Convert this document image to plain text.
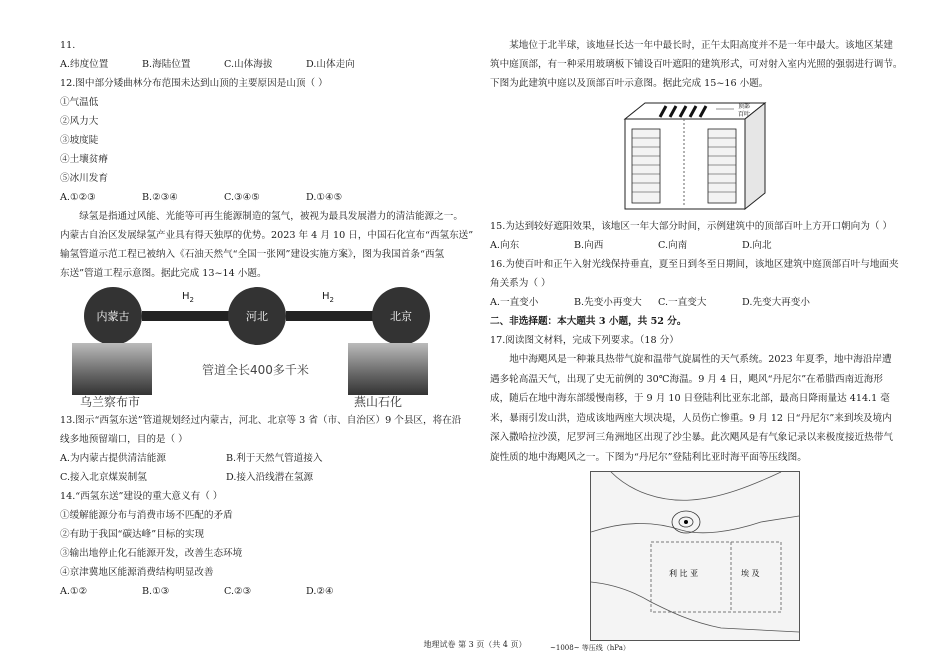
11.
A.纬度位置	B.海陆位置	C.山体海拔	D.山体走向
12.图中部分矮曲林分布范围未达到山顶的主要原因是山顶（ ）
①气温低
②风力大
③坡度陡
④土壤贫瘠
⑤冰川发育
A.①②③	B.②③④	C.③④⑤	D.①④⑤
绿氢是指通过风能、光能等可再生能源制造的氢气，被视为最具发展潜力的清洁能源之一。
内蒙古自治区发展绿氢产业具有得天独厚的优势。2023 年 4 月 10 日，中国石化宣布“西氢东送”
输氢管道示范工程已被纳入《石油天然气“全国一张网”建设实施方案》，图为我国首条“西氢
东送”管道工程示意图。据此完成 13~14 小题。
内蒙古
$H_2$
河北
$H_2$
北京
管道全长400多千米
乌兰察布市	燕山石化
13.图示“西氢东送”管道规划经过内蒙古，河北、北京等 3 省（市、自治区）9 个县区，将在沿
线多地预留端口，目的是（ ）
A.为内蒙古提供清洁能源	B.利于天然气管道接入
C.接入北京煤炭制氢	D.接入沿线潜在氢源
14.“西氢东送”建设的重大意义有（ ）
①缓解能源分布与消费市场不匹配的矛盾
②有助于我国“碳达峰”目标的实现
③输出地停止化石能源开发，改善生态环境
④京津冀地区能源消费结构明显改善
A.①②	B.①③	C.②③	D.②④
某地位于北半球，该地昼长达一年中最长时，正午太阳高度并不是一年中最大。该地区某建
筑中庭顶部，有一种采用玻璃板下铺设百叶遮阳的建筑形式，可对射入室内光照的强弱进行调节。
下图为此建筑中庭以及顶部百叶示意图。据此完成 15~16 小题。
顶部
百叶
15.为达到较好遮阳效果，该地区一年大部分时间，示例建筑中的顶部百叶上方开口朝向为（ ）
A.向东	B.向西	C.向南	D.向北
16.为使百叶和正午入射光线保持垂直，夏至日到冬至日期间，该地区建筑中庭顶部百叶与地面夹
角关系为（ ）
A.一直变小	B.先变小再变大	C.一直变大	D.先变大再变小
二、非选择题：本大题共 3 小题，共 52 分。
17.阅读图文材料，完成下列要求。（18 分）
地中海飓风是一种兼具热带气旋和温带气旋属性的天气系统。2023 年夏季，地中海沿岸遭遇多轮高温天气，出现了史无前例的 30℃海温。9 月 4 日，飓风“丹尼尔”在希腊西南近海形成，随后在地中海东部缓慢南移，于 9 月 10 日登陆利比亚东北部，最高日降雨量达 414.1 毫米，暴雨引发山洪，造成该地两座大坝决堤，人员伤亡惨重。9 月 12 日“丹尼尔”来到埃及境内深入撒哈拉沙漠，尼罗河三角洲地区出现了沙尘暴。此次飓风是有气象记录以来极度接近热带气旋性质的地中海飓风之一。下图为“丹尼尔”登陆利比亚时海平面等压线图。
利 比 亚	埃 及
~1008~ 等压线（hPa）
地理试卷 第 3 页（共 4 页）
